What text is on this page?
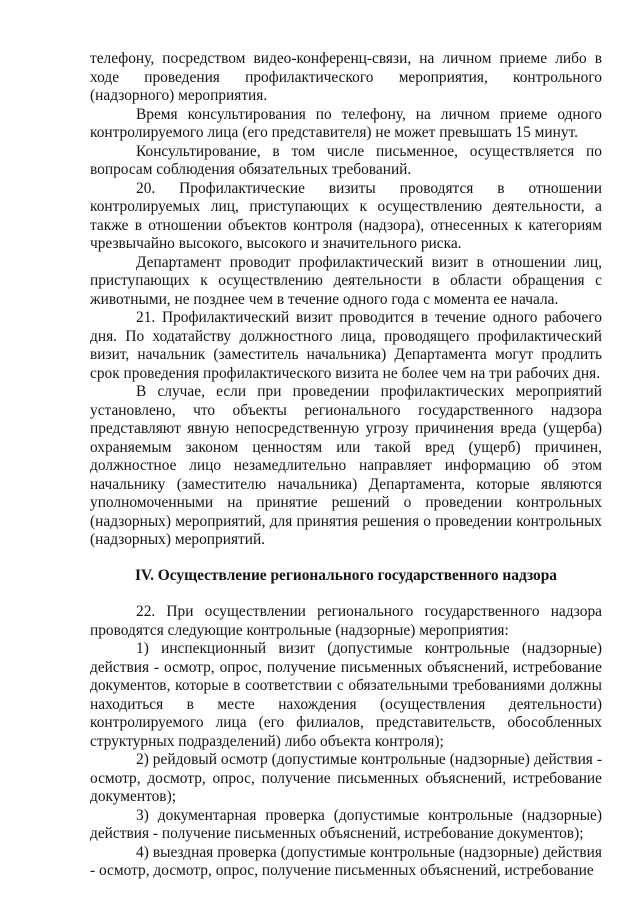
телефону, посредством видео-конференц-связи, на личном приеме либо в ходе проведения профилактического мероприятия, контрольного (надзорного) мероприятия.

Время консультирования по телефону, на личном приеме одного контролируемого лица (его представителя) не может превышать 15 минут.

Консультирование, в том числе письменное, осуществляется по вопросам соблюдения обязательных требований.

20. Профилактические визиты проводятся в отношении контролируемых лиц, приступающих к осуществлению деятельности, а также в отношении объектов контроля (надзора), отнесенных к категориям чрезвычайно высокого, высокого и значительного риска.

Департамент проводит профилактический визит в отношении лиц, приступающих к осуществлению деятельности в области обращения с животными, не позднее чем в течение одного года с момента ее начала.

21. Профилактический визит проводится в течение одного рабочего дня. По ходатайству должностного лица, проводящего профилактический визит, начальник (заместитель начальника) Департамента могут продлить срок проведения профилактического визита не более чем на три рабочих дня.

В случае, если при проведении профилактических мероприятий установлено, что объекты регионального государственного надзора представляют явную непосредственную угрозу причинения вреда (ущерба) охраняемым законом ценностям или такой вред (ущерб) причинен, должностное лицо незамедлительно направляет информацию об этом начальнику (заместителю начальника) Департамента, которые являются уполномоченными на принятие решений о проведении контрольных (надзорных) мероприятий, для принятия решения о проведении контрольных (надзорных) мероприятий.

IV. Осуществление регионального государственного надзора

22. При осуществлении регионального государственного надзора проводятся следующие контрольные (надзорные) мероприятия:

1) инспекционный визит (допустимые контрольные (надзорные) действия - осмотр, опрос, получение письменных объяснений, истребование документов, которые в соответствии с обязательными требованиями должны находиться в месте нахождения (осуществления деятельности) контролируемого лица (его филиалов, представительств, обособленных структурных подразделений) либо объекта контроля);

2) рейдовый осмотр (допустимые контрольные (надзорные) действия - осмотр, досмотр, опрос, получение письменных объяснений, истребование документов);

3) документарная проверка (допустимые контрольные (надзорные) действия - получение письменных объяснений, истребование документов);

4) выездная проверка (допустимые контрольные (надзорные) действия - осмотр, досмотр, опрос, получение письменных объяснений, истребование
